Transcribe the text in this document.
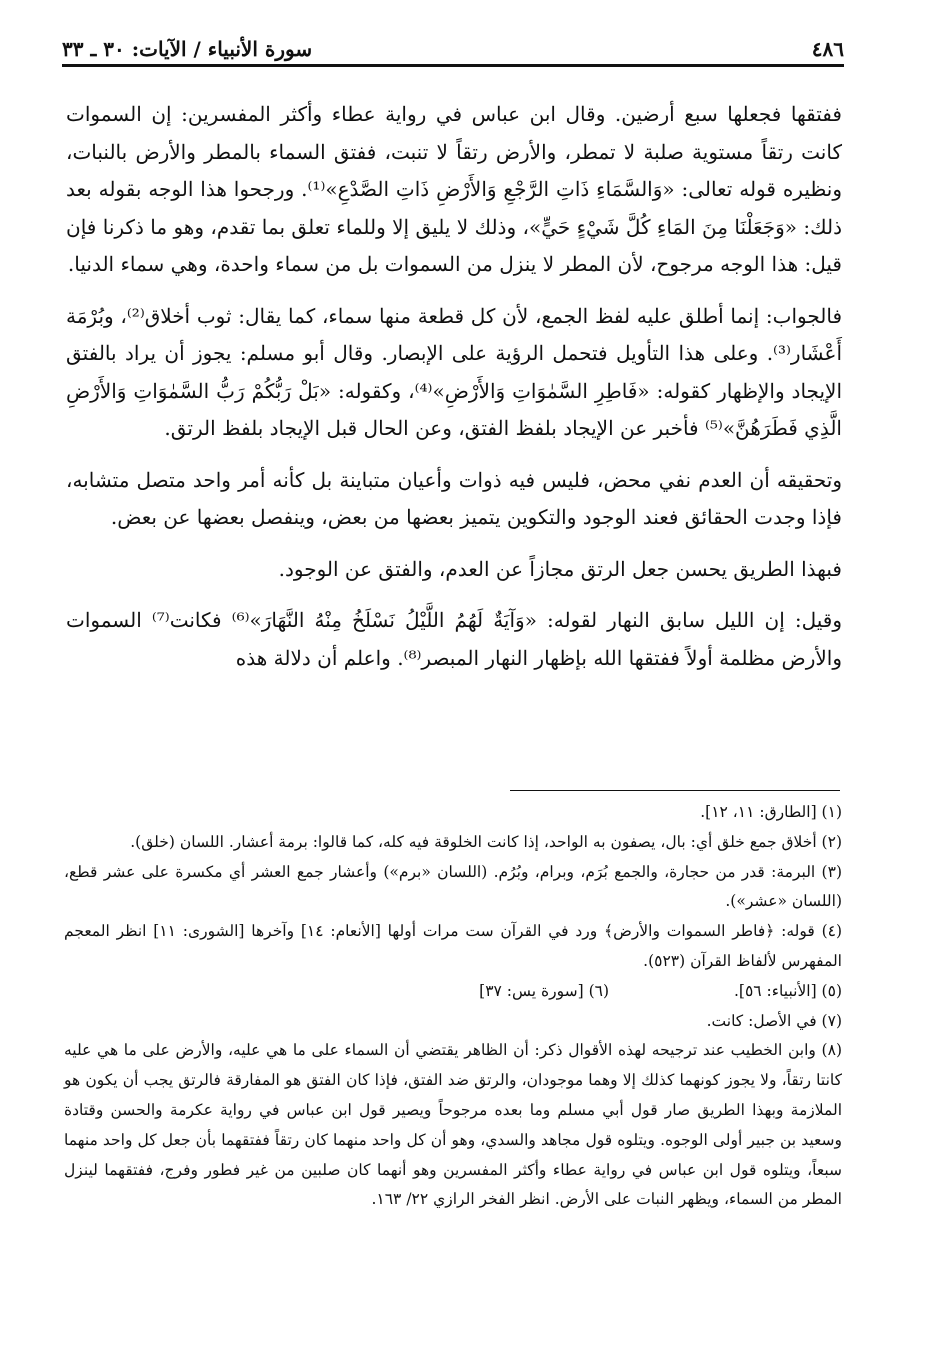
٤٨٦
سورة الأنبياء / الآيات: ٣٠ ـ ٣٣

ففتقها فجعلها سبع أرضين. وقال ابن عباس في رواية عطاء وأكثر المفسرين: إن السموات كانت رتقاً مستوية صلبة لا تمطر، والأرض رتقاً لا تنبت، ففتق السماء بالمطر والأرض بالنبات، ونظيره قوله تعالى: «وَالسَّمَاءِ ذَاتِ الرَّجْعِ وَالأَرْضِ ذَاتِ الصَّدْعِ»⁽¹⁾. ورجحوا هذا الوجه بقوله بعد ذلك: «وَجَعَلْنَا مِنَ المَاءِ كُلَّ شَيْءٍ حَيٍّ»، وذلك لا يليق إلا وللماء تعلق بما تقدم، وهو ما ذكرنا فإن قيل: هذا الوجه مرجوح، لأن المطر لا ينزل من السموات بل من سماء واحدة، وهي سماء الدنيا.

فالجواب: إنما أطلق عليه لفظ الجمع، لأن كل قطعة منها سماء، كما يقال: ثوب أخلاق⁽²⁾، وبُرْمَة أَعْشَار⁽³⁾. وعلى هذا التأويل فتحمل الرؤية على الإبصار. وقال أبو مسلم: يجوز أن يراد بالفتق الإيجاد والإظهار كقوله: «فَاطِرِ السَّمٰوَاتِ وَالأَرْضِ»⁽⁴⁾، وكقوله: «بَلْ رَبُّكُمْ رَبُّ السَّمٰوَاتِ وَالأَرْضِ الَّذِي فَطَرَهُنَّ»⁽⁵⁾ فأخبر عن الإيجاد بلفظ الفتق، وعن الحال قبل الإيجاد بلفظ الرتق.

وتحقيقه أن العدم نفي محض، فليس فيه ذوات وأعيان متباينة بل كأنه أمر واحد متصل متشابه، فإذا وجدت الحقائق فعند الوجود والتكوين يتميز بعضها من بعض، وينفصل بعضها عن بعض.

فبهذا الطريق يحسن جعل الرتق مجازاً عن العدم، والفتق عن الوجود.

وقيل: إن الليل سابق النهار لقوله: «وَآيَةٌ لَهُمُ اللَّيْلُ نَسْلَخُ مِنْهُ النَّهَارَ»⁽⁶⁾ فكانت⁽⁷⁾ السموات والأرض مظلمة أولاً ففتقها الله بإظهار النهار المبصر⁽⁸⁾. واعلم أن دلالة هذه

(١) [الطارق: ١١، ١٢].

(٢) أخلاق جمع خلق أي: بال، يصفون به الواحد، إذا كانت الخلوقة فيه كله، كما قالوا: برمة أعشار. اللسان (خلق).

(٣) البرمة: قدر من حجارة، والجمع بُرَم، وبرام، وبُرُم. (اللسان «برم») وأعشار جمع العشر أي مكسرة على عشر قطع، (اللسان «عشر»).

(٤) قوله: ﴿فاطر السموات والأرض﴾ ورد في القرآن ست مرات أولها [الأنعام: ١٤] وآخرها [الشورى: ١١] انظر المعجم المفهرس لألفاظ القرآن (٥٢٣).

(٥) [الأنبياء: ٥٦]. (٦) [سورة يس: ٣٧]

(٧) في الأصل: كانت.

(٨) وابن الخطيب عند ترجيحه لهذه الأقوال ذكر: أن الظاهر يقتضي أن السماء على ما هي عليه، والأرض على ما هي عليه كانتا رتقاً، ولا يجوز كونهما كذلك إلا وهما موجودان، والرتق ضد الفتق، فإذا كان الفتق هو المفارقة فالرتق يجب أن يكون هو الملازمة وبهذا الطريق صار قول أبي مسلم وما بعده مرجوحاً ويصير قول ابن عباس في رواية عكرمة والحسن وقتادة وسعيد بن جبير أولى الوجوه. ويتلوه قول مجاهد والسدي، وهو أن كل واحد منهما كان رتقاً ففتقهما بأن جعل كل واحد منهما سبعاً، ويتلوه قول ابن عباس في رواية عطاء وأكثر المفسرين وهو أنهما كان صلبين من غير فطور وفرج، ففتقهما لينزل المطر من السماء، ويظهر النبات على الأرض. انظر الفخر الرازي ٢٢/ ١٦٣.
